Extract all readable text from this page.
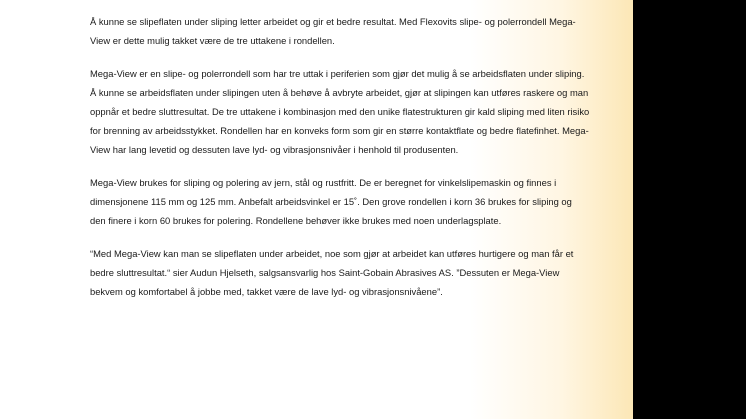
Å kunne se slipeflaten under sliping letter arbeidet og gir et bedre resultat. Med Flexovits slipe- og polerrondell Mega-View er dette mulig takket være de tre uttakene i rondellen.

Mega-View er en slipe- og polerrondell som har tre uttak i periferien som gjør det mulig å se arbeidsflaten under sliping. Å kunne se arbeidsflaten under slipingen uten å behøve å avbryte arbeidet, gjør at slipingen kan utføres raskere og man oppnår et bedre sluttresultat. De tre uttakene i kombinasjon med den unike flatestrukturen gir kald sliping med liten risiko for brenning av arbeidsstykket. Rondellen har en konveks form som gir en større kontaktflate og bedre flatefinhet. Mega-View har lang levetid og dessuten lave lyd- og vibrasjonsnivåer i henhold til produsenten.

Mega-View brukes for sliping og polering av jern, stål og rustfritt. De er beregnet for vinkelslipemaskin og finnes i dimensjonene 115 mm og 125 mm. Anbefalt arbeidsvinkel er 15˚. Den grove rondellen i korn 36 brukes for sliping og den finere i korn 60 brukes for polering. Rondellene behøver ikke brukes med noen underlagsplate.

“Med Mega-View kan man se slipeflaten under arbeidet, noe som gjør at arbeidet kan utføres hurtigere og man får et bedre sluttresultat.“ sier Audun Hjelseth, salgsansvarlig hos Saint-Gobain Abrasives AS. ”Dessuten er Mega-View bekvem og komfortabel å jobbe med, takket være de lave lyd- og vibrasjonsnivåene”.
